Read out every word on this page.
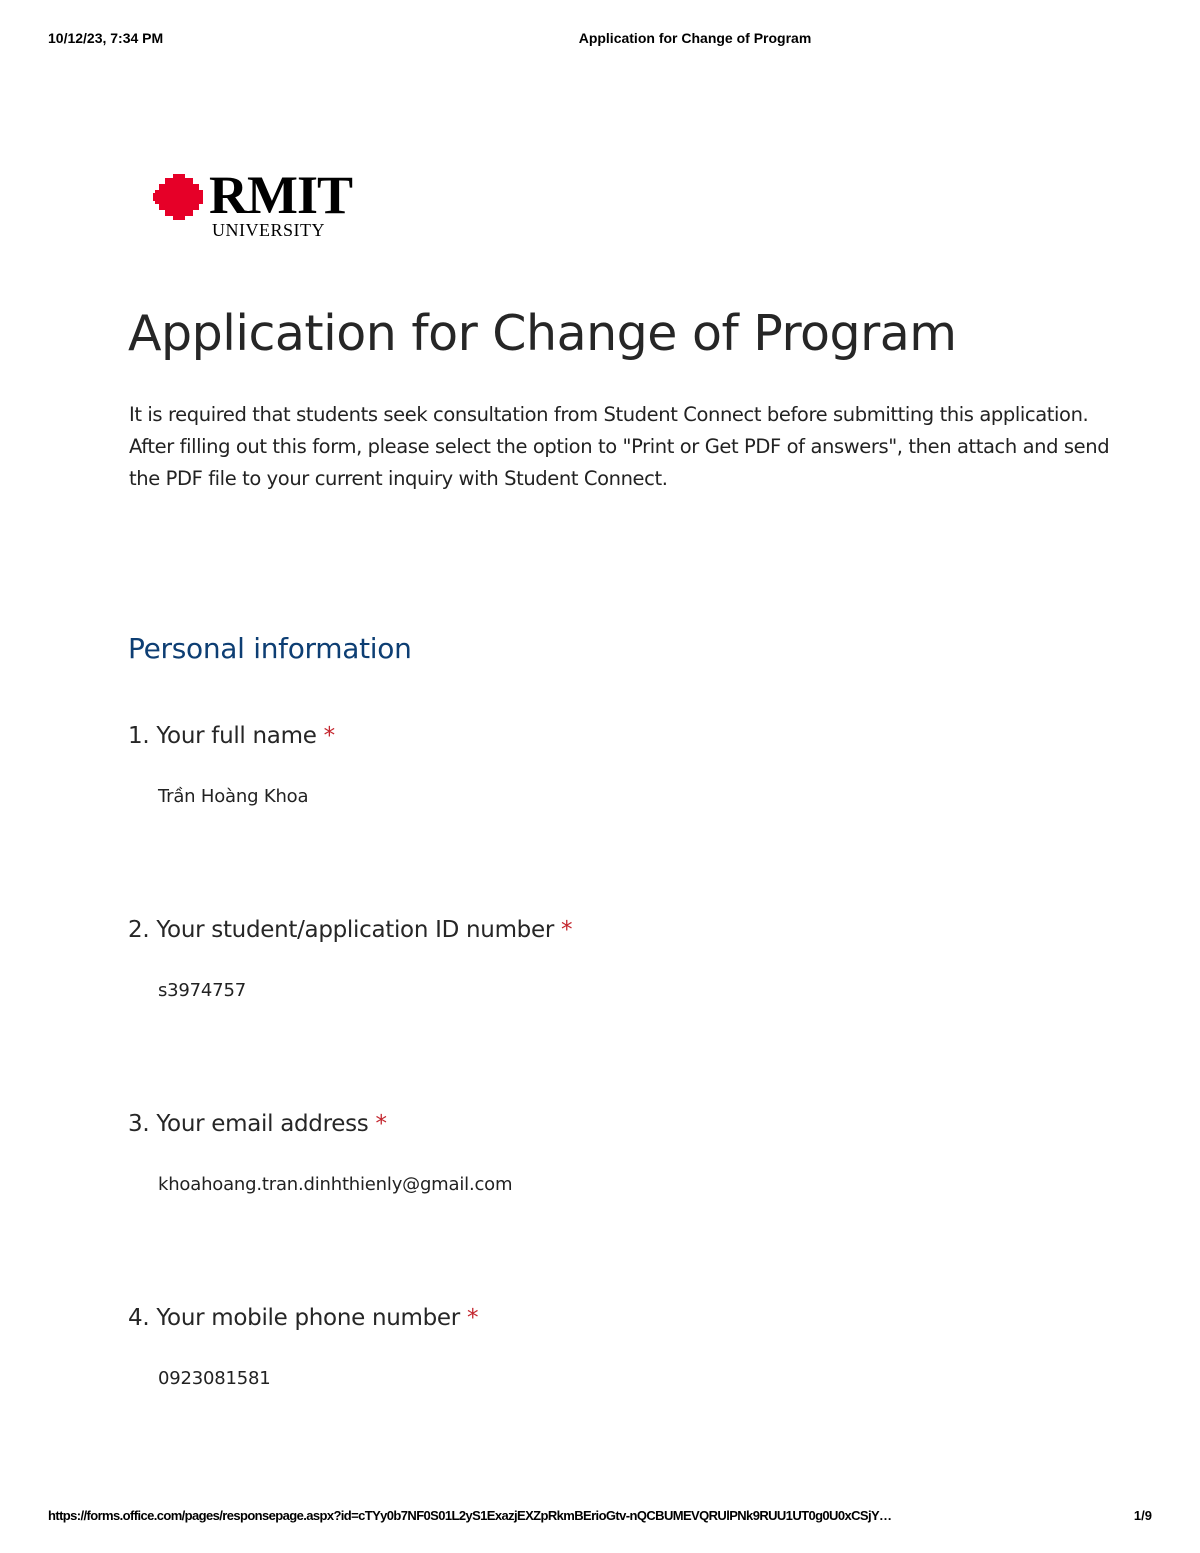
10/12/23, 7:34 PM	Application for Change of Program
RMIT
UNIVERSITY
Application for Change of Program
It is required that students seek consultation from Student Connect before submitting this application. After filling out this form, please select the option to "Print or Get PDF of answers", then attach and send the PDF file to your current inquiry with Student Connect.
Personal information
1. Your full name *
Trần Hoàng Khoa
2. Your student/application ID number *
s3974757
3. Your email address *
khoahoang.tran.dinhthienly@gmail.com
4. Your mobile phone number *
0923081581
https://forms.office.com/pages/responsepage.aspx?id=cTYy0b7NF0S01L2yS1ExazjEXZpRkmBErioGtv-nQCBUMEVQRUlPNk9RUU1UT0g0U0xCSjY…	1/9
